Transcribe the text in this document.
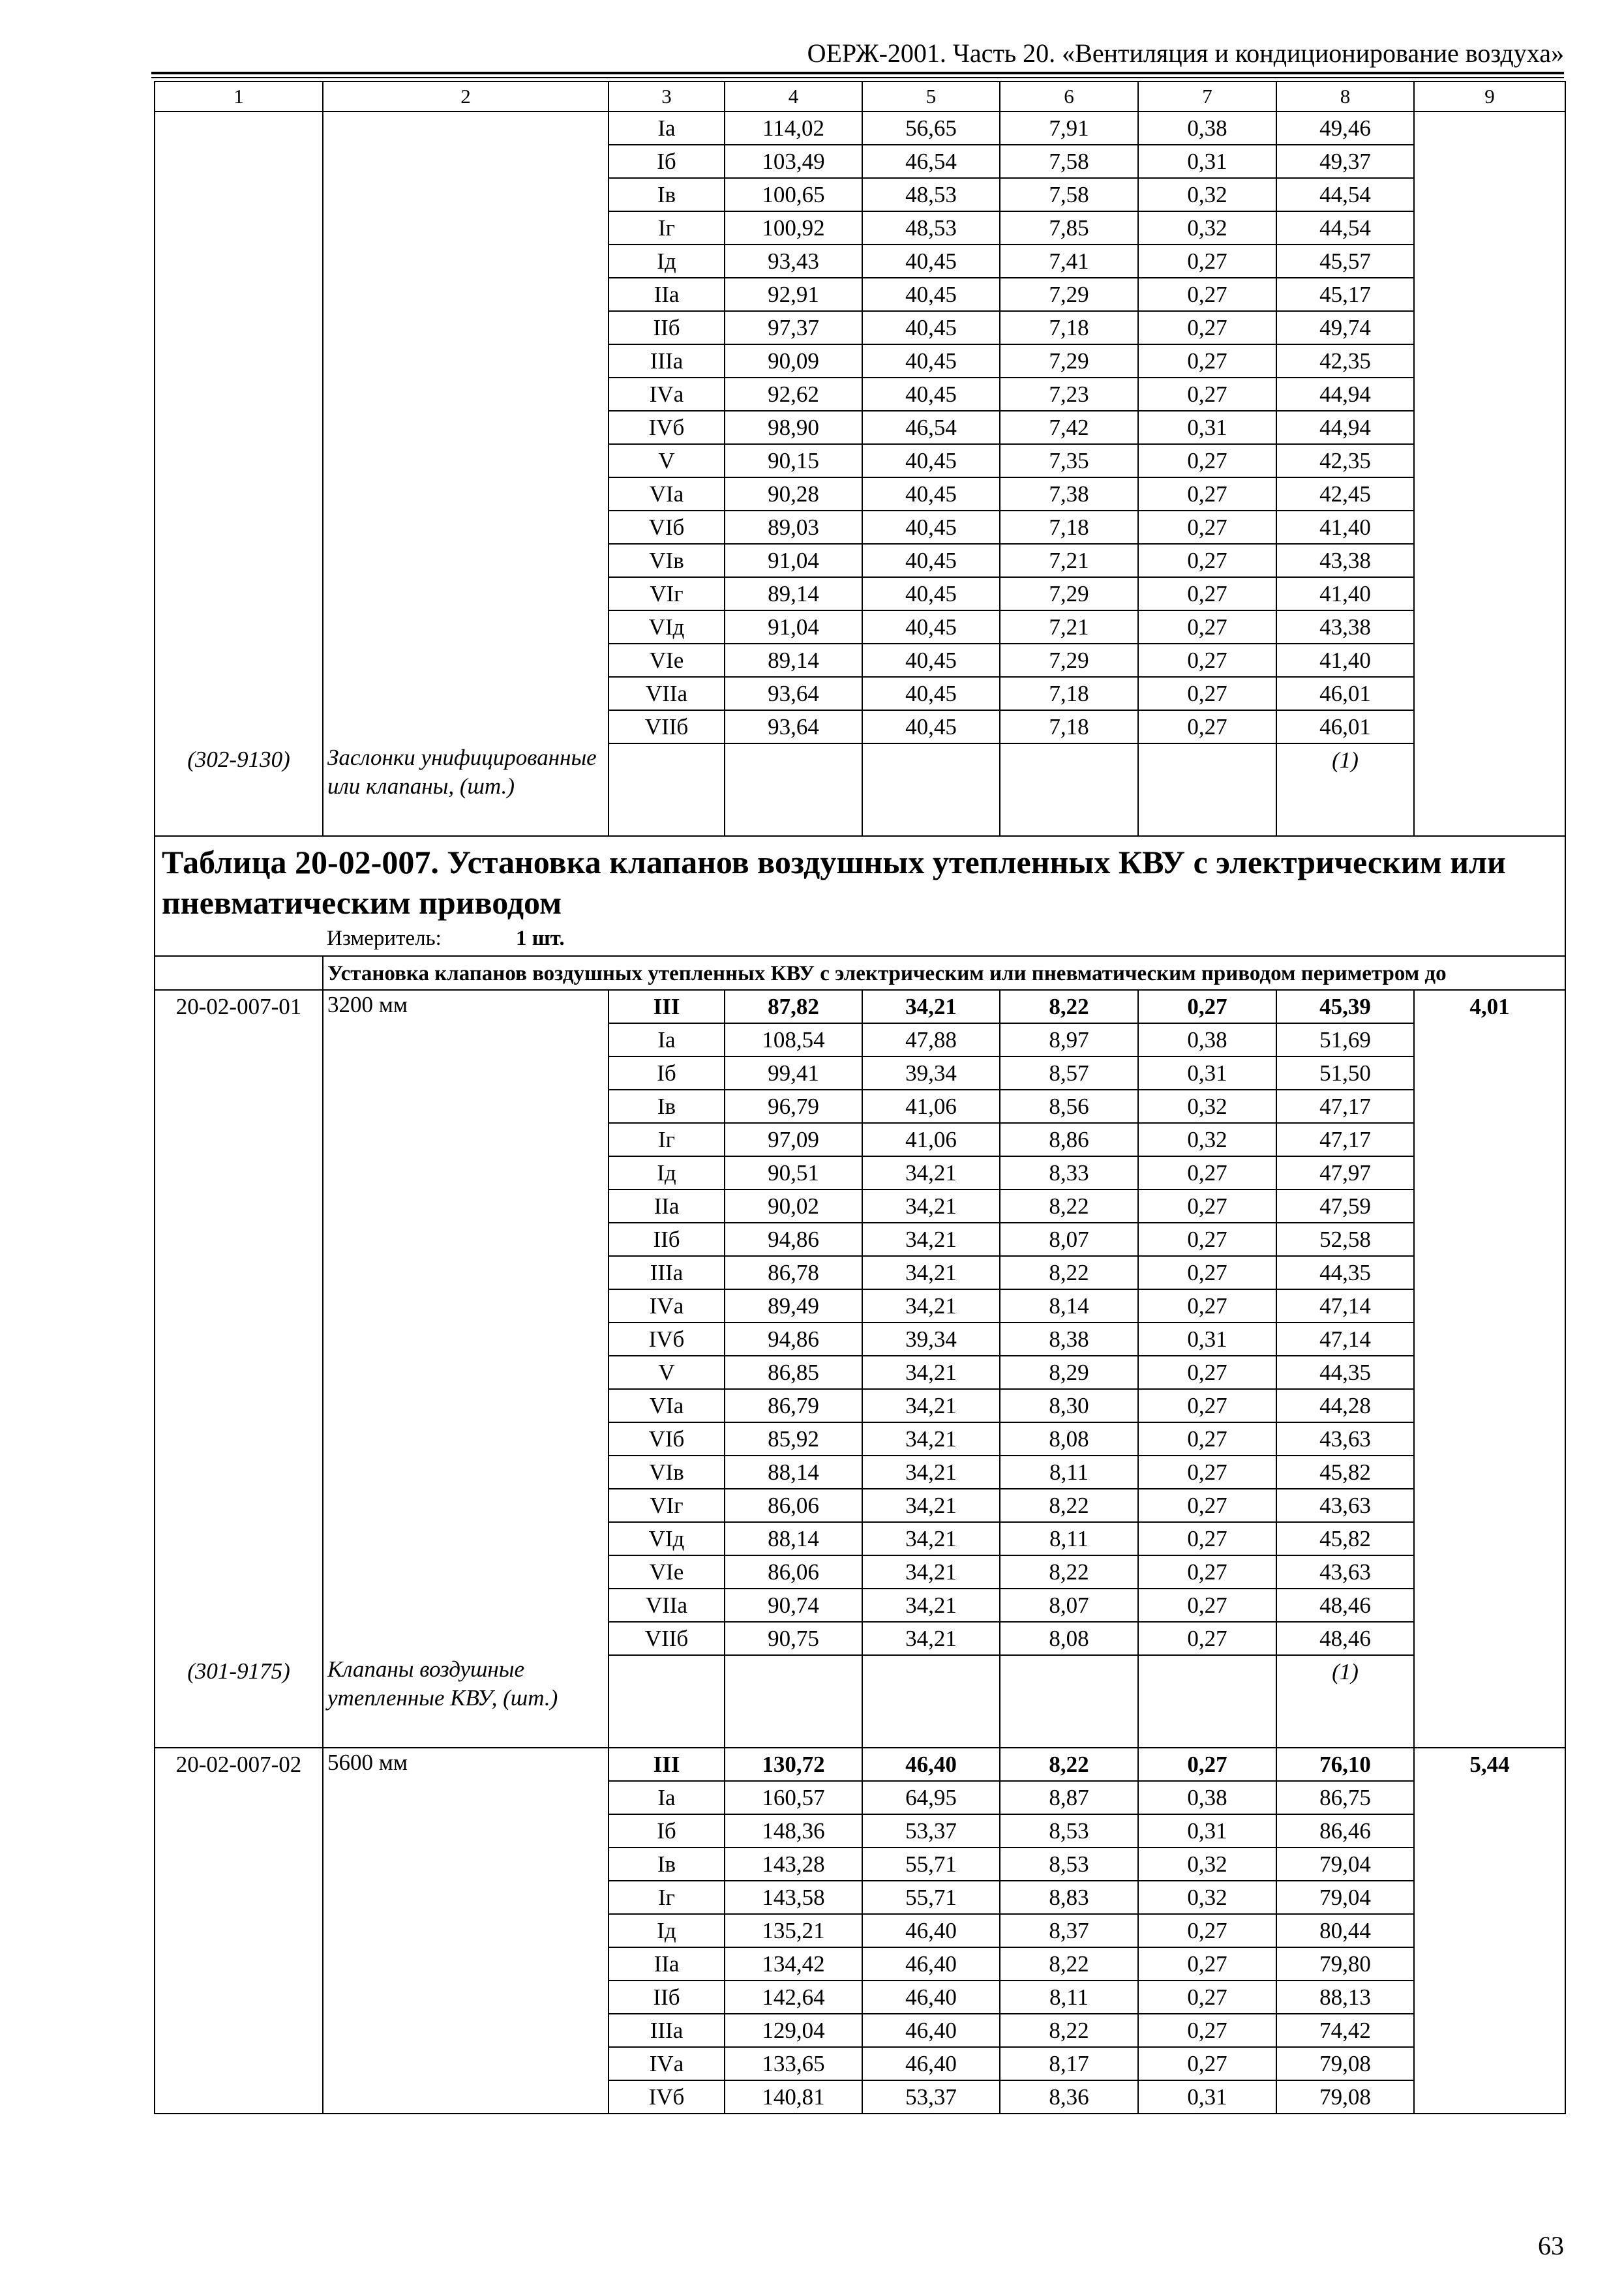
ОЕРЖ-2001. Часть 20. «Вентиляция и кондиционирование воздуха»
1	2	3	4	5	6	7	8	9
		Iа	114,02	56,65	7,91	0,38	49,46	
		Iб	103,49	46,54	7,58	0,31	49,37	
		Iв	100,65	48,53	7,58	0,32	44,54	
		Iг	100,92	48,53	7,85	0,32	44,54	
		Iд	93,43	40,45	7,41	0,27	45,57	
		IIа	92,91	40,45	7,29	0,27	45,17	
		IIб	97,37	40,45	7,18	0,27	49,74	
		IIIа	90,09	40,45	7,29	0,27	42,35	
		IVа	92,62	40,45	7,23	0,27	44,94	
		IVб	98,90	46,54	7,42	0,31	44,94	
		V	90,15	40,45	7,35	0,27	42,35	
		VIа	90,28	40,45	7,38	0,27	42,45	
		VIб	89,03	40,45	7,18	0,27	41,40	
		VIв	91,04	40,45	7,21	0,27	43,38	
		VIг	89,14	40,45	7,29	0,27	41,40	
		VIд	91,04	40,45	7,21	0,27	43,38	
		VIе	89,14	40,45	7,29	0,27	41,40	
		VIIа	93,64	40,45	7,18	0,27	46,01	
		VIIб	93,64	40,45	7,18	0,27	46,01	
(302-9130)	Заслонки унифицированные или клапаны, (шт.)						(1)	
Таблица 20-02-007. Установка клапанов воздушных утепленных КВУ с электрическим или пневматическим приводом								
	Измеритель: 1 шт.							
	Установка клапанов воздушных утепленных КВУ с электрическим или пневматическим приводом периметром до							
20-02-007-01	3200 мм	III	87,82	34,21	8,22	0,27	45,39	4,01
		Iа	108,54	47,88	8,97	0,38	51,69	
		Iб	99,41	39,34	8,57	0,31	51,50	
		Iв	96,79	41,06	8,56	0,32	47,17	
		Iг	97,09	41,06	8,86	0,32	47,17	
		Iд	90,51	34,21	8,33	0,27	47,97	
		IIа	90,02	34,21	8,22	0,27	47,59	
		IIб	94,86	34,21	8,07	0,27	52,58	
		IIIа	86,78	34,21	8,22	0,27	44,35	
		IVа	89,49	34,21	8,14	0,27	47,14	
		IVб	94,86	39,34	8,38	0,31	47,14	
		V	86,85	34,21	8,29	0,27	44,35	
		VIа	86,79	34,21	8,30	0,27	44,28	
		VIб	85,92	34,21	8,08	0,27	43,63	
		VIв	88,14	34,21	8,11	0,27	45,82	
		VIг	86,06	34,21	8,22	0,27	43,63	
		VIд	88,14	34,21	8,11	0,27	45,82	
		VIе	86,06	34,21	8,22	0,27	43,63	
		VIIа	90,74	34,21	8,07	0,27	48,46	
		VIIб	90,75	34,21	8,08	0,27	48,46	
(301-9175)	Клапаны воздушные утепленные КВУ, (шт.)						(1)	
20-02-007-02	5600 мм	III	130,72	46,40	8,22	0,27	76,10	5,44
		Iа	160,57	64,95	8,87	0,38	86,75	
		Iб	148,36	53,37	8,53	0,31	86,46	
		Iв	143,28	55,71	8,53	0,32	79,04	
		Iг	143,58	55,71	8,83	0,32	79,04	
		Iд	135,21	46,40	8,37	0,27	80,44	
		IIа	134,42	46,40	8,22	0,27	79,80	
		IIб	142,64	46,40	8,11	0,27	88,13	
		IIIа	129,04	46,40	8,22	0,27	74,42	
		IVа	133,65	46,40	8,17	0,27	79,08	
		IVб	140,81	53,37	8,36	0,31	79,08	
63
